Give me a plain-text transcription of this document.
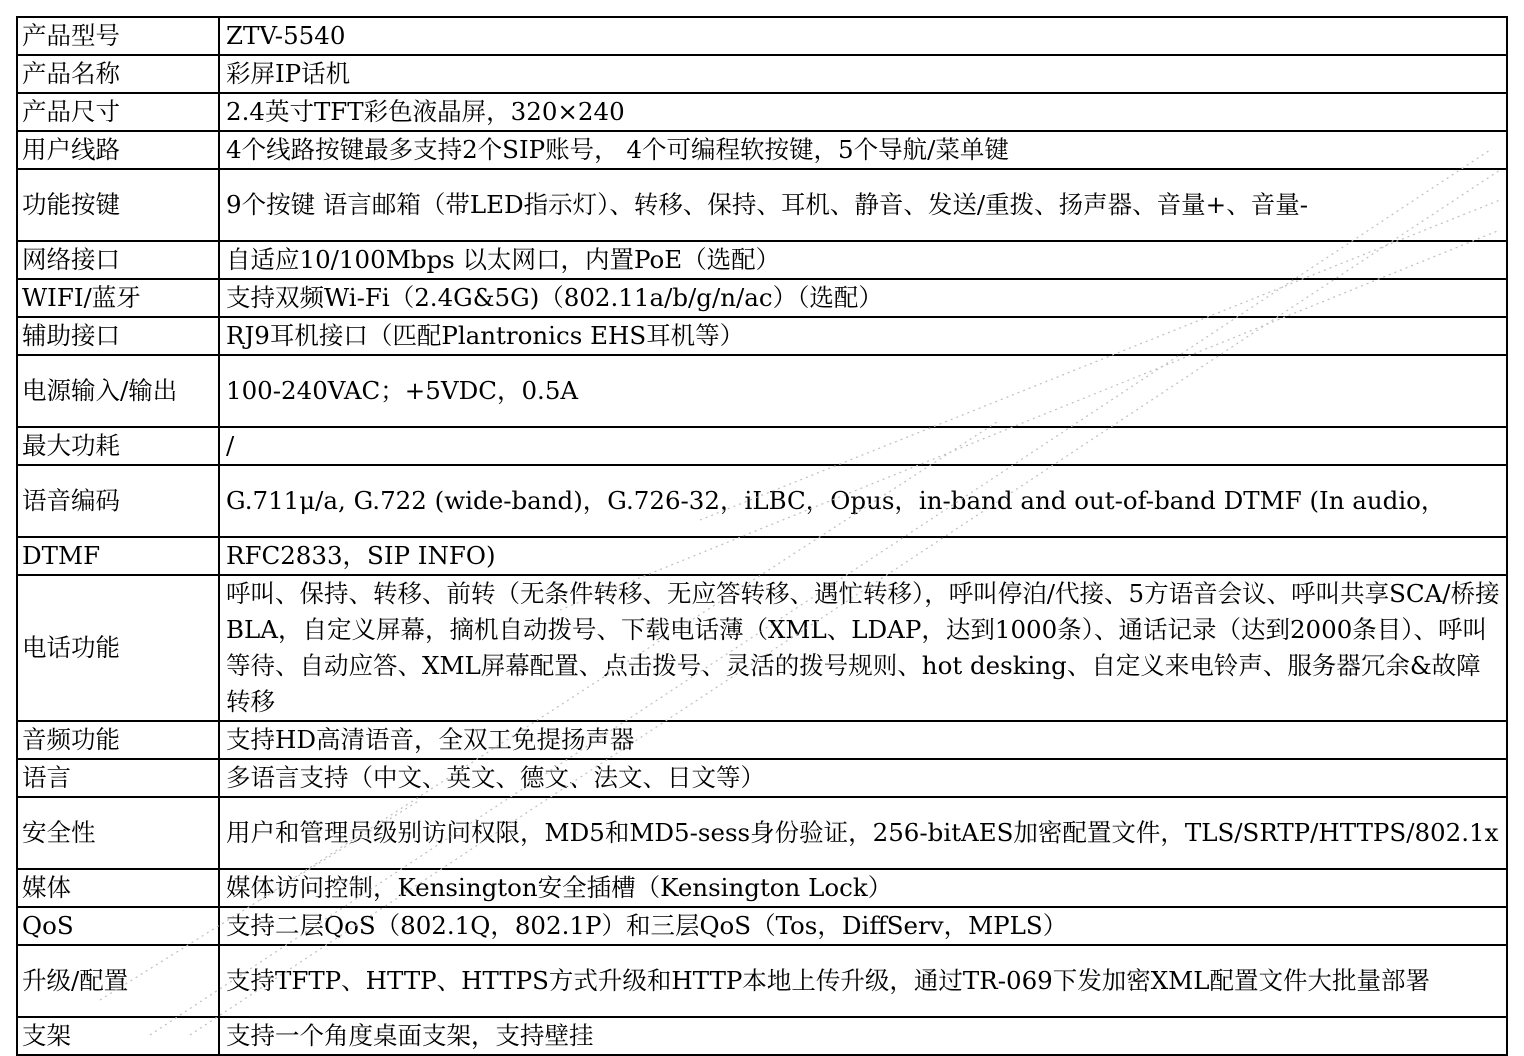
产品型号	ZTV-5540
产品名称	彩屏IP话机
产品尺寸	2.4英寸TFT彩色液晶屏，320×240
用户线路	4个线路按键最多支持2个SIP账号， 4个可编程软按键，5个导航/菜单键
功能按键	9个按键 语言邮箱（带LED指示灯）、转移、保持、耳机、静音、发送/重拨、扬声器、音量+、音量-
网络接口	自适应10/100Mbps 以太网口，内置PoE（选配）
WIFI/蓝牙	支持双频Wi-Fi（2.4G&5G)（802.11a/b/g/n/ac）（选配）
辅助接口	RJ9耳机接口（匹配Plantronics EHS耳机等）
电源输入/输出	100-240VAC；+5VDC，0.5A
最大功耗	/
语音编码	G.711μ/a, G.722 (wide-band)，G.726-32，iLBC，Opus，in-band and out-of-band DTMF (In audio，
DTMF	RFC2833，SIP INFO)
电话功能	呼叫、保持、转移、前转（无条件转移、无应答转移、遇忙转移），呼叫停泊/代接、5方语音会议、呼叫共享SCA/桥接BLA，自定义屏幕，摘机自动拨号、下载电话薄（XML、LDAP，达到1000条）、通话记录（达到2000条目）、呼叫等待、自动应答、XML屏幕配置、点击拨号、灵活的拨号规则、hot desking、自定义来电铃声、服务器冗余&故障转移
音频功能	支持HD高清语音，全双工免提扬声器
语言	多语言支持（中文、英文、德文、法文、日文等）
安全性	用户和管理员级别访问权限，MD5和MD5-sess身份验证，256-bitAES加密配置文件，TLS/SRTP/HTTPS/802.1x
媒体	媒体访问控制，Kensington安全插槽（Kensington Lock）
QoS	支持二层QoS（802.1Q，802.1P）和三层QoS（Tos，DiffServ，MPLS）
升级/配置	支持TFTP、HTTP、HTTPS方式升级和HTTP本地上传升级，通过TR-069下发加密XML配置文件大批量部署
支架	支持一个角度桌面支架，支持壁挂
